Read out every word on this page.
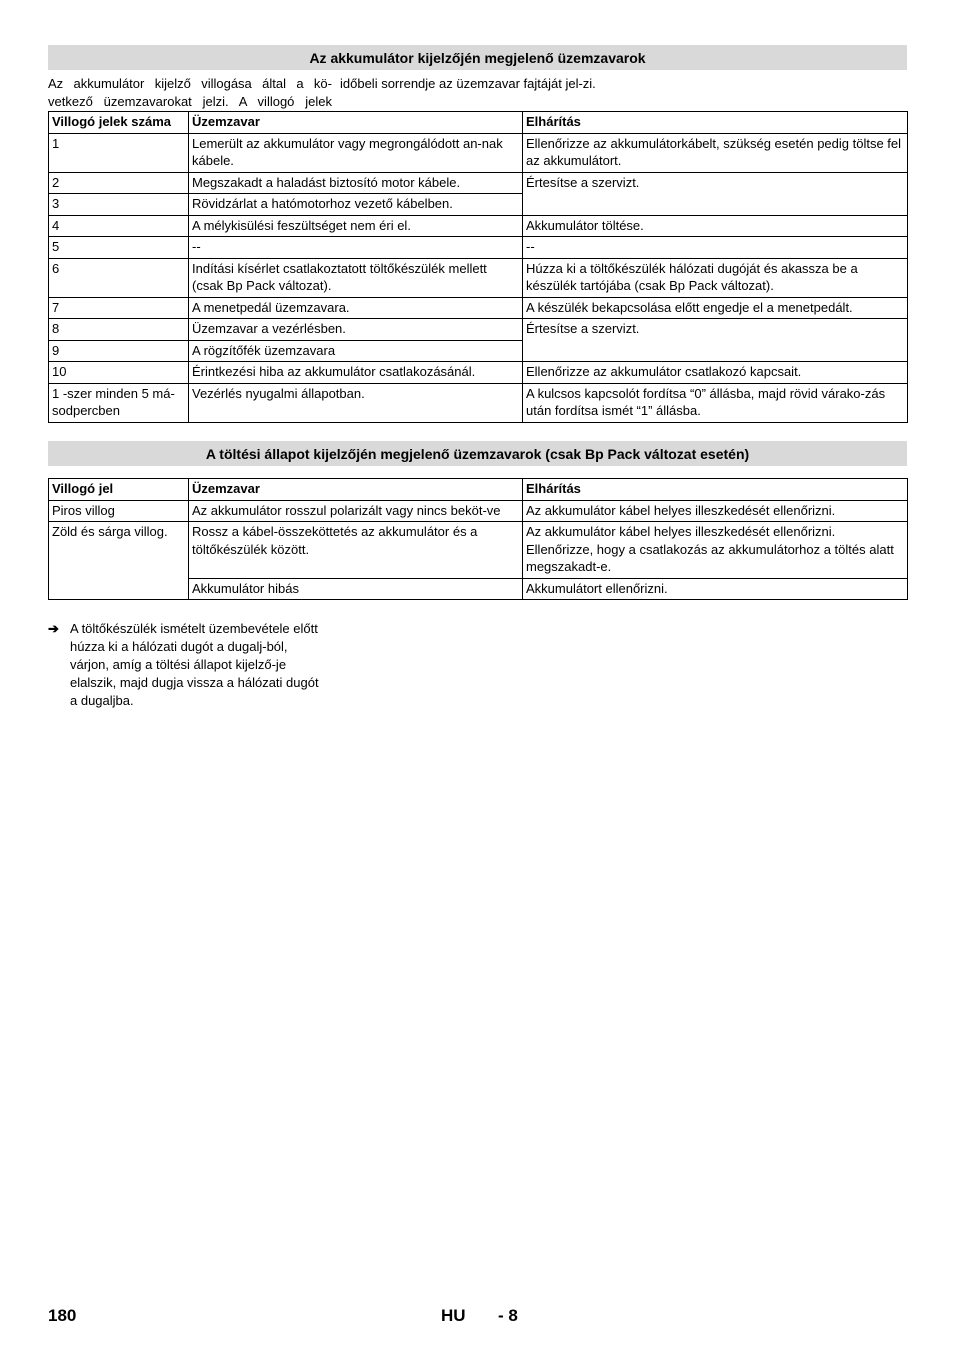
Az akkumulátor kijelzőjén megjelenő üzemzavarok
Az akkumulátor kijelző villogása által a kö-vetkező üzemzavarokat jelzi. A villogó jelek
időbeli sorrendje az üzemzavar fajtáját jel-zi.
Villogó jelek száma	Üzemzavar	Elhárítás
1	Lemerült az akkumulátor vagy megrongálódott an-nak kábele.	Ellenőrizze az akkumulátorkábelt, szükség esetén pedig töltse fel az akkumulátort.
2	Megszakadt a haladást biztosító motor kábele.	Értesítse a szervizt.
3	Rövidzárlat a hatómotorhoz vezető kábelben.	
4	A mélykisülési feszültséget nem éri el.	Akkumulátor töltése.
5	--	--
6	Indítási kísérlet csatlakoztatott töltőkészülék mellett (csak Bp Pack változat).	Húzza ki a töltőkészülék hálózati dugóját és akassza be a készülék tartójába (csak Bp Pack változat).
7	A menetpedál üzemzavara.	A készülék bekapcsolása előtt engedje el a menetpedált.
8	Üzemzavar a vezérlésben.	Értesítse a szervizt.
9	A rögzítőfék üzemzavara	
10	Érintkezési hiba az akkumulátor csatlakozásánál.	Ellenőrizze az akkumulátor csatlakozó kapcsait.
1 -szer minden 5 má-sodpercben	Vezérlés nyugalmi állapotban.	A kulcsos kapcsolót fordítsa “0” állásba, majd rövid várako-zás után fordítsa ismét “1” állásba.
A töltési állapot kijelzőjén megjelenő üzemzavarok (csak Bp Pack változat esetén)
Villogó jel	Üzemzavar	Elhárítás
Piros villog	Az akkumulátor rosszul polarizált vagy nincs beköt-ve	Az akkumulátor kábel helyes illeszkedését ellenőrizni.
Zöld és sárga villog.	Rossz a kábel-összeköttetés az akkumulátor és a töltőkészülék között.	Az akkumulátor kábel helyes illeszkedését ellenőrizni. Ellenőrizze, hogy a csatlakozás az akkumulátorhoz a töltés alatt megszakadt-e.
	Akkumulátor hibás	Akkumulátort ellenőrizni.
➔ A töltőkészülék ismételt üzembevétele előtt húzza ki a hálózati dugót a dugalj-ból, várjon, amíg a töltési állapot kijelző-je elalszik, majd dugja vissza a hálózati dugót a dugaljba.
180	HU - 8
